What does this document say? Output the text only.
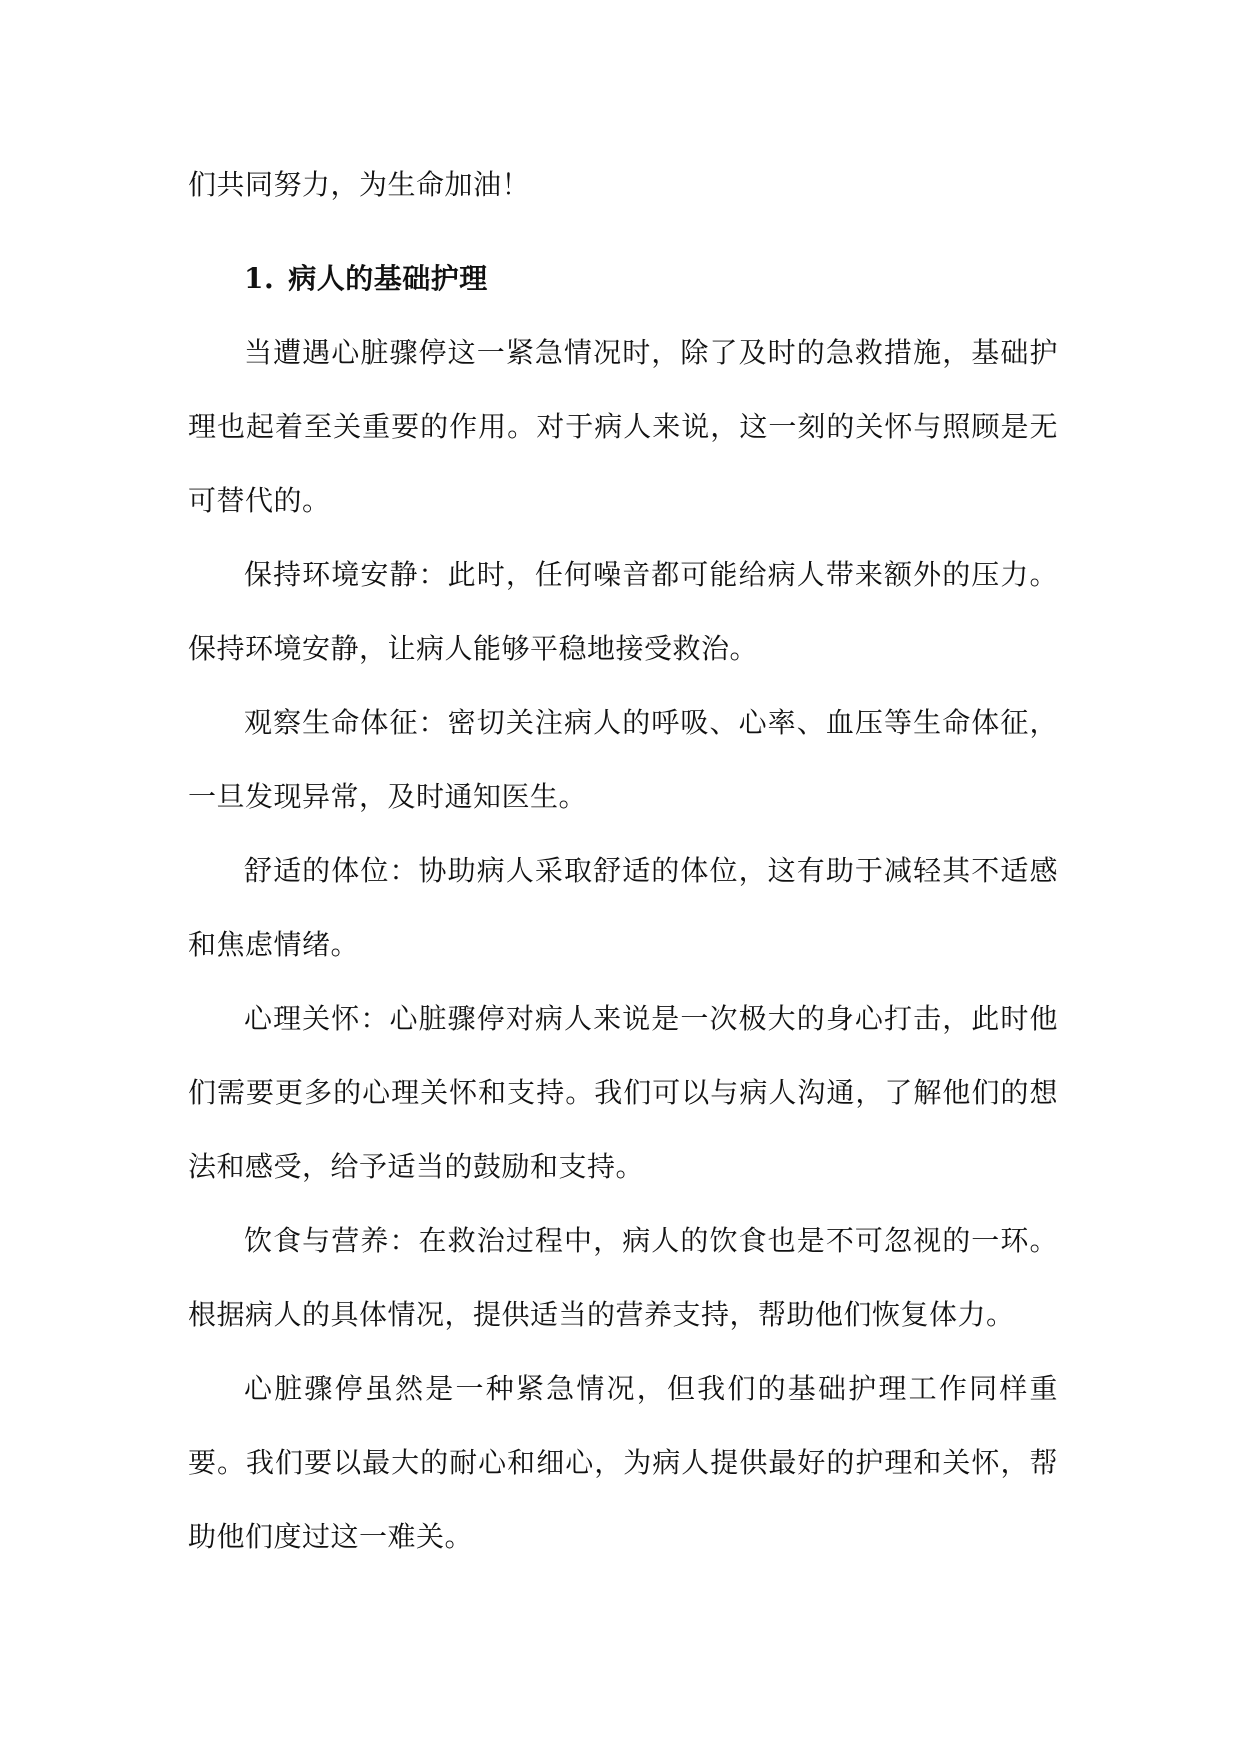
们共同努力，为生命加油！

1. 病人的基础护理

当遭遇心脏骤停这一紧急情况时，除了及时的急救措施，基础护理也起着至关重要的作用。对于病人来说，这一刻的关怀与照顾是无可替代的。

保持环境安静：此时，任何噪音都可能给病人带来额外的压力。保持环境安静，让病人能够平稳地接受救治。

观察生命体征：密切关注病人的呼吸、心率、血压等生命体征，一旦发现异常，及时通知医生。

舒适的体位：协助病人采取舒适的体位，这有助于减轻其不适感和焦虑情绪。

心理关怀：心脏骤停对病人来说是一次极大的身心打击，此时他们需要更多的心理关怀和支持。我们可以与病人沟通，了解他们的想法和感受，给予适当的鼓励和支持。

饮食与营养：在救治过程中，病人的饮食也是不可忽视的一环。根据病人的具体情况，提供适当的营养支持，帮助他们恢复体力。

心脏骤停虽然是一种紧急情况，但我们的基础护理工作同样重要。我们要以最大的耐心和细心，为病人提供最好的护理和关怀，帮助他们度过这一难关。
